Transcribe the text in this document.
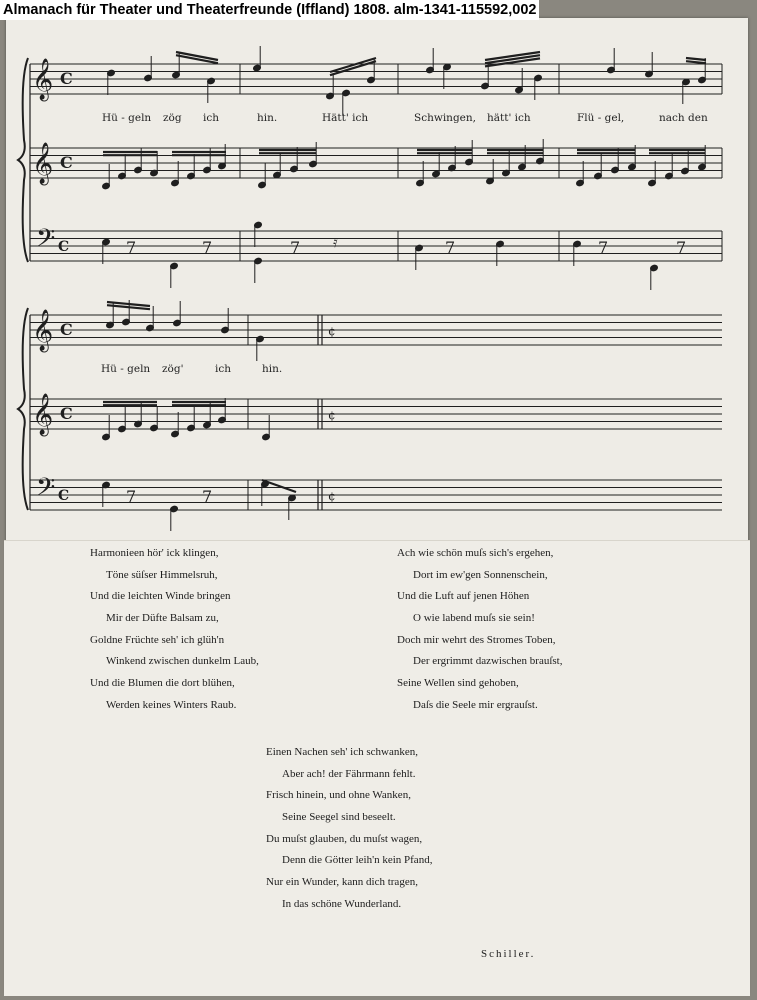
𝄞 C
𝄞 C
𝄢 C	7	7	7	7	7	7
𝄿
𝄞 C
𝄞 C
𝄢 C
¢
¢
¢
7	7
Hü - geln zög ich	hin.	Hätt' ich	Schwingen, hätt' ich	Flü - gel,	nach den
Hü - geln zög'	ich	hin.
Harmonieen hör' ick klingen,
Töne süſser Himmelsruh,
Und die leichten Winde bringen
Mir der Düfte Balsam zu,
Goldne Früchte seh' ich glüh'n
Winkend zwischen dunkelm Laub,
Und die Blumen die dort blühen,
Werden keines Winters Raub.
Ach wie schön muſs sich's ergehen,
Dort im ew'gen Sonnenschein,
Und die Luft auf jenen Höhen
O wie labend muſs sie sein!
Doch mir wehrt des Stromes Toben,
Der ergrimmt dazwischen brauſst,
Seine Wellen sind gehoben,
Daſs die Seele mir ergrauſst.
Einen Nachen seh' ich schwanken,
Aber ach! der Fährmann fehlt.
Frisch hinein, und ohne Wanken,
Seine Seegel sind beseelt.
Du muſst glauben, du muſst wagen,
Denn die Götter leih'n kein Pfand,
Nur ein Wunder, kann dich tragen,
In das schöne Wunderland.
Schiller.
Almanach für Theater und Theaterfreunde (Iffland) 1808. alm-1341-115592,002
